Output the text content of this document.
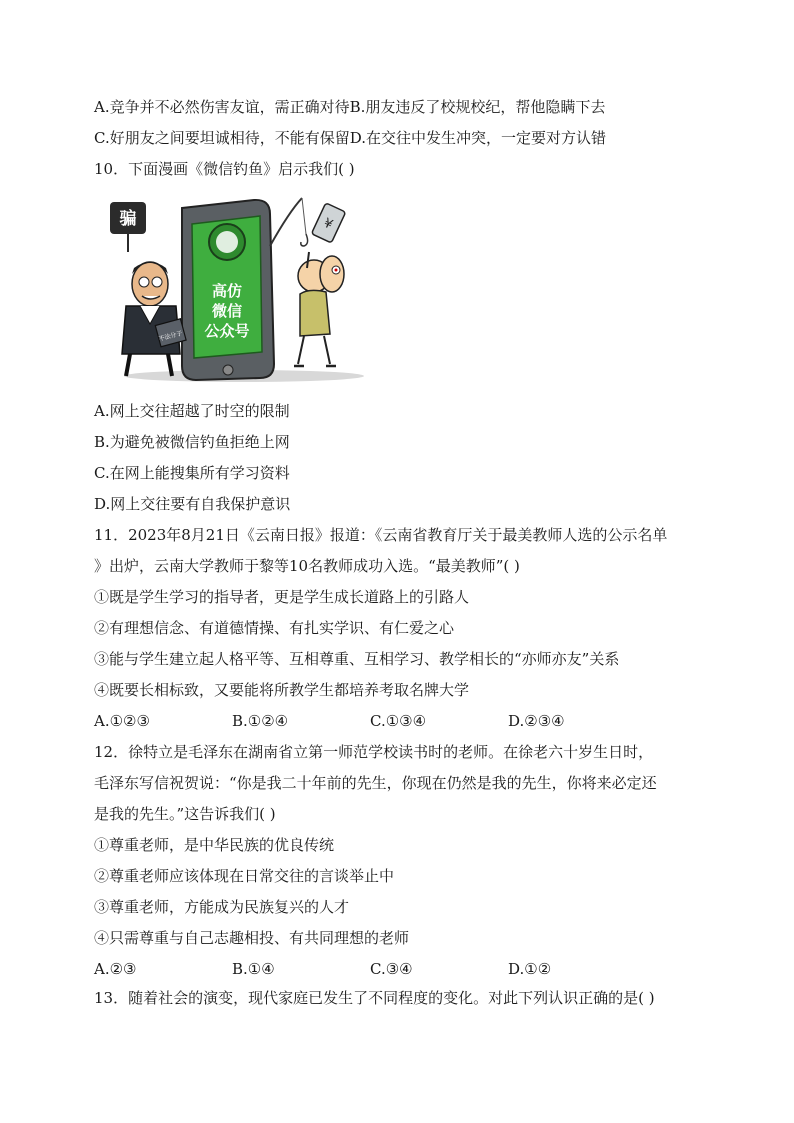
A.竞争并不必然伤害友谊，需正确对待B.朋友违反了校规校纪，帮他隐瞒下去
C.好朋友之间要坦诚相待，不能有保留D.在交往中发生冲突，一定要对方认错
10．下面漫画《微信钓鱼》启示我们( )
高仿
微信
公众号
¥
骗
不法分子
A.网上交往超越了时空的限制
B.为避免被微信钓鱼拒绝上网
C.在网上能搜集所有学习资料
D.网上交往要有自我保护意识
11．2023年8月21日《云南日报》报道：《云南省教育厅关于最美教师人选的公示名单
》出炉，云南大学教师于黎等10名教师成功入选。“最美教师”( )
①既是学生学习的指导者，更是学生成长道路上的引路人
②有理想信念、有道德情操、有扎实学识、有仁爱之心
③能与学生建立起人格平等、互相尊重、互相学习、教学相长的“亦师亦友”关系
④既要长相标致，又要能将所教学生都培养考取名牌大学
A.①②③	B.①②④	C.①③④	D.②③④
12．徐特立是毛泽东在湖南省立第一师范学校读书时的老师。在徐老六十岁生日时，
毛泽东写信祝贺说：“你是我二十年前的先生，你现在仍然是我的先生，你将来必定还
是我的先生。”这告诉我们( )
①尊重老师，是中华民族的优良传统
②尊重老师应该体现在日常交往的言谈举止中
③尊重老师，方能成为民族复兴的人才
④只需尊重与自己志趣相投、有共同理想的老师
A.②③	B.①④	C.③④	D.①②
13．随着社会的演变，现代家庭已发生了不同程度的变化。对此下列认识正确的是( )
